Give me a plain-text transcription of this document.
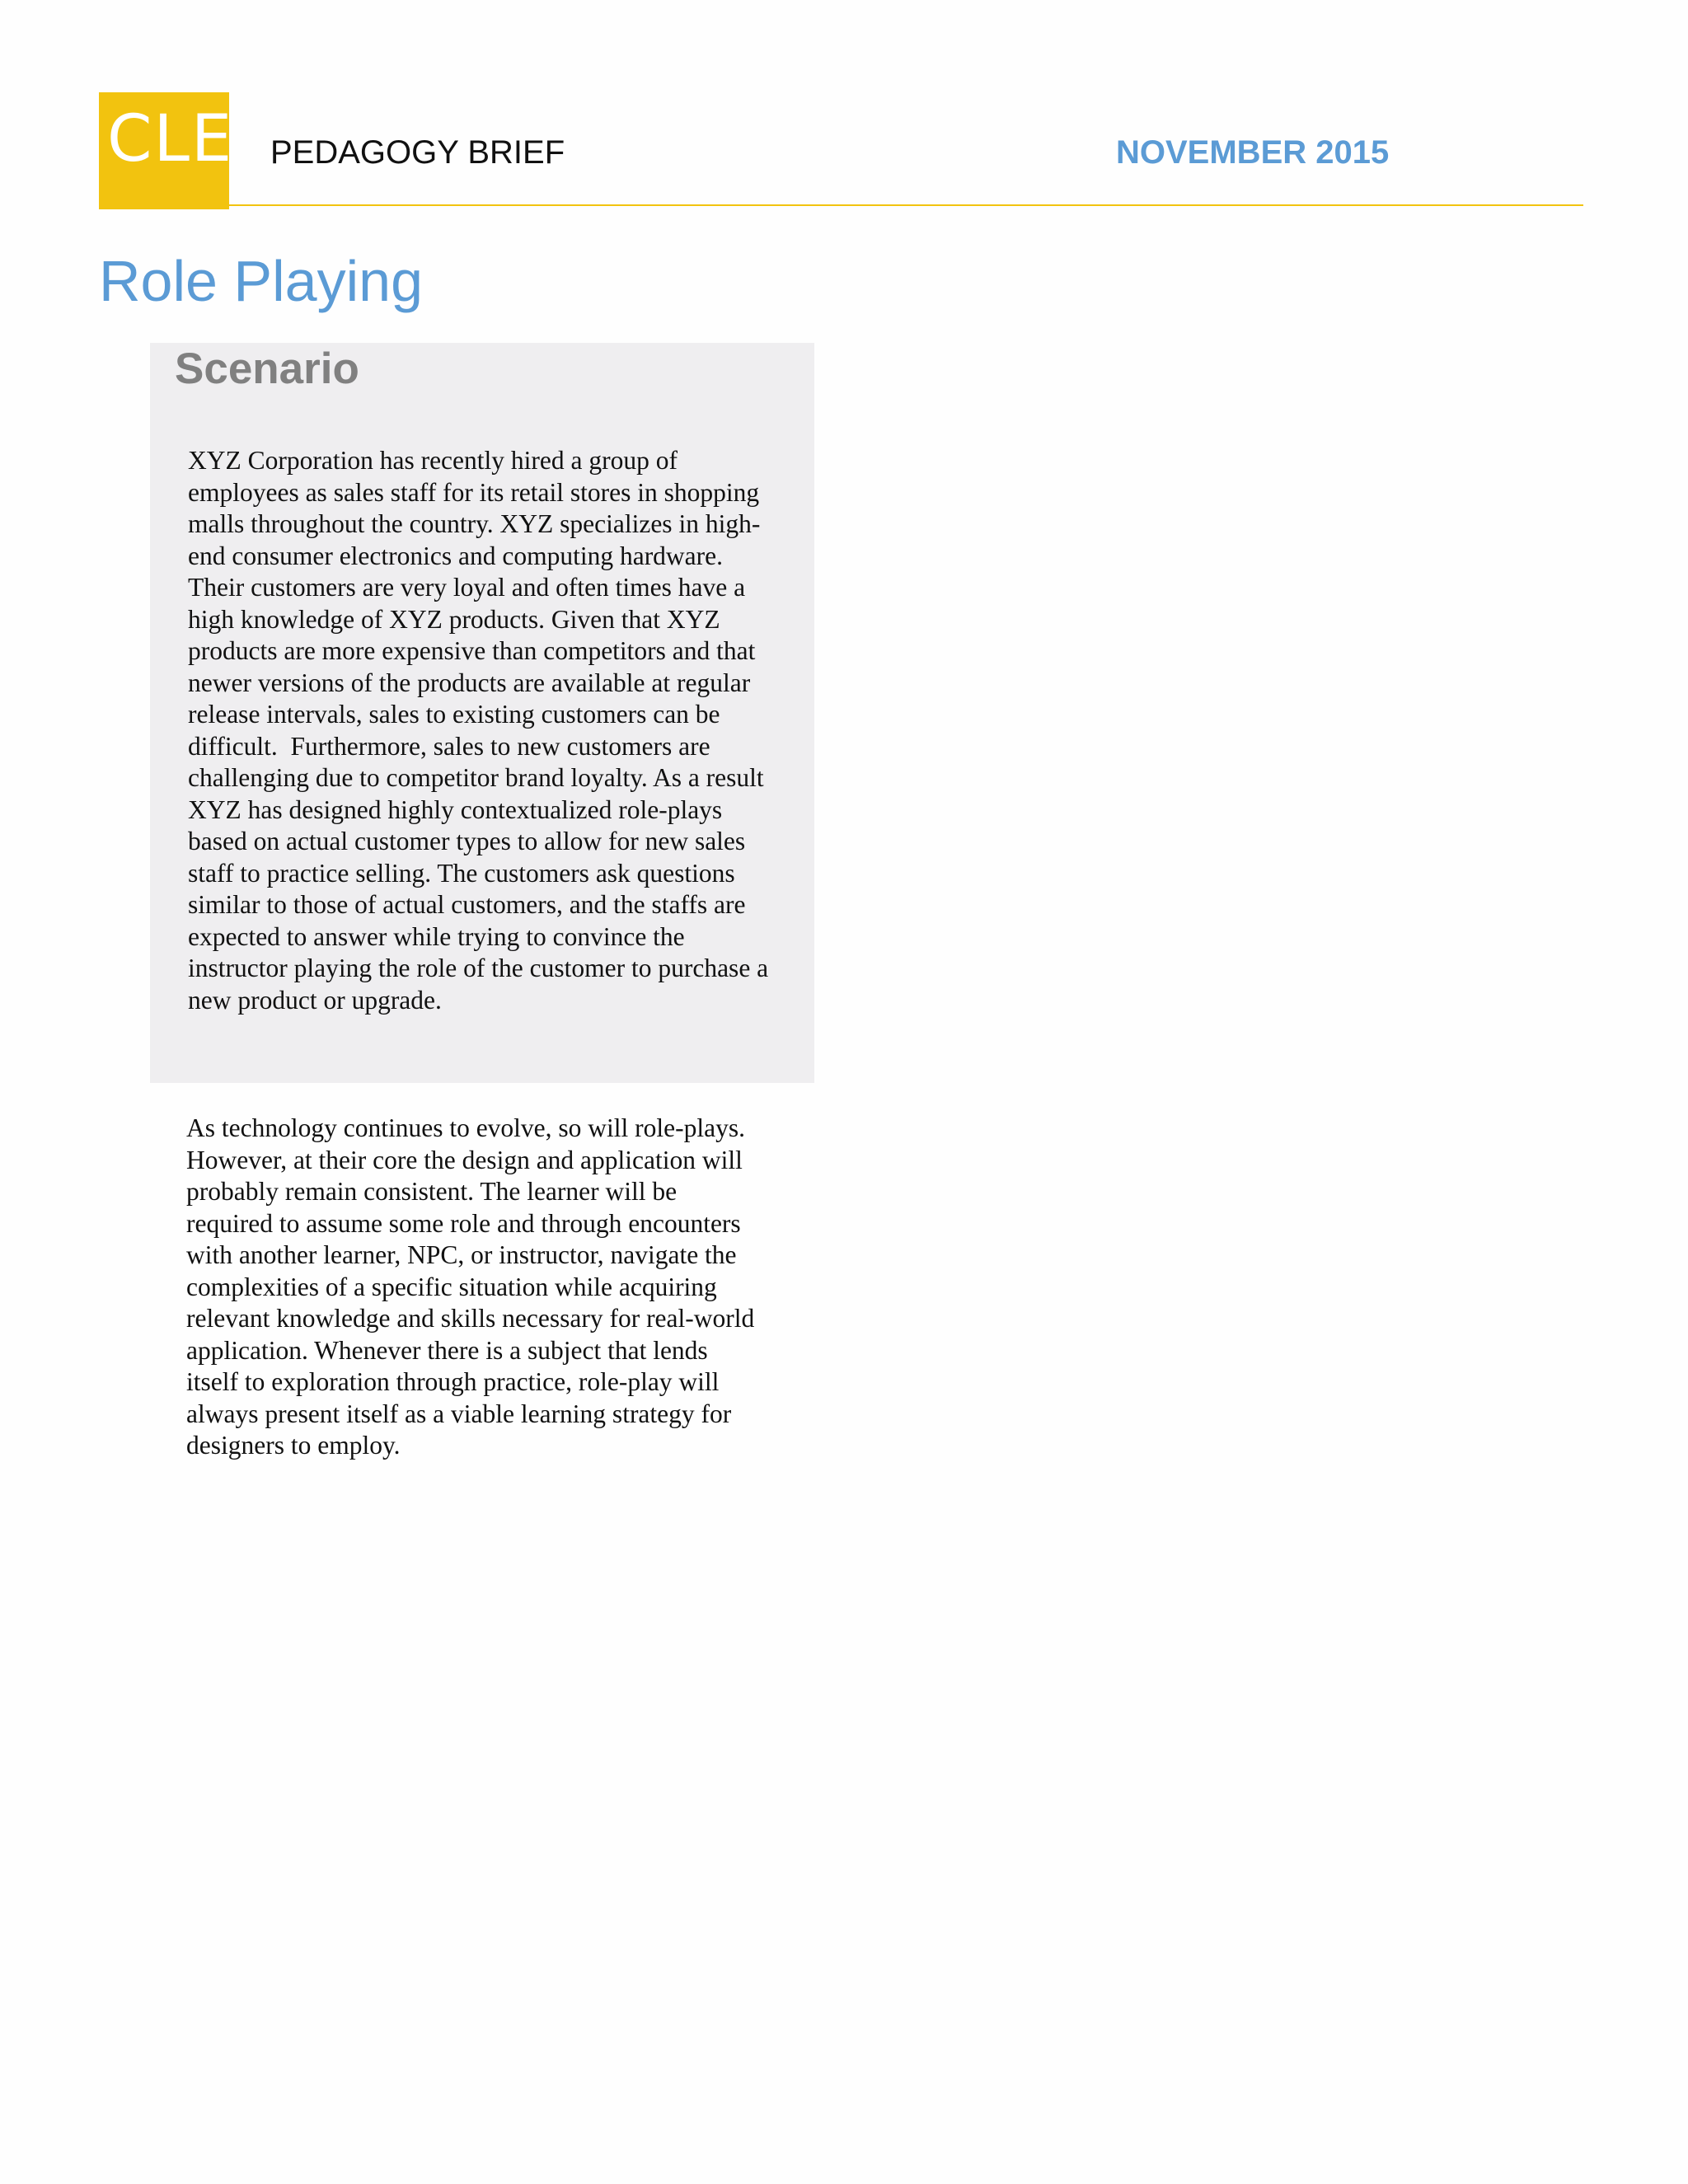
CLE PEDAGOGY BRIEF	NOVEMBER 2015
Role Playing
Scenario

XYZ Corporation has recently hired a group of
employees as sales staff for its retail stores in shopping
malls throughout the country. XYZ specializes in high-
end consumer electronics and computing hardware.
Their customers are very loyal and often times have a
high knowledge of XYZ products. Given that XYZ
products are more expensive than competitors and that
newer versions of the products are available at regular
release intervals, sales to existing customers can be
difficult.  Furthermore, sales to new customers are
challenging due to competitor brand loyalty. As a result
XYZ has designed highly contextualized role-plays
based on actual customer types to allow for new sales
staff to practice selling. The customers ask questions
similar to those of actual customers, and the staffs are
expected to answer while trying to convince the
instructor playing the role of the customer to purchase a
new product or upgrade.

As technology continues to evolve, so will role-plays.
However, at their core the design and application will
probably remain consistent. The learner will be
required to assume some role and through encounters
with another learner, NPC, or instructor, navigate the
complexities of a specific situation while acquiring
relevant knowledge and skills necessary for real-world
application. Whenever there is a subject that lends
itself to exploration through practice, role-play will
always present itself as a viable learning strategy for
designers to employ.
